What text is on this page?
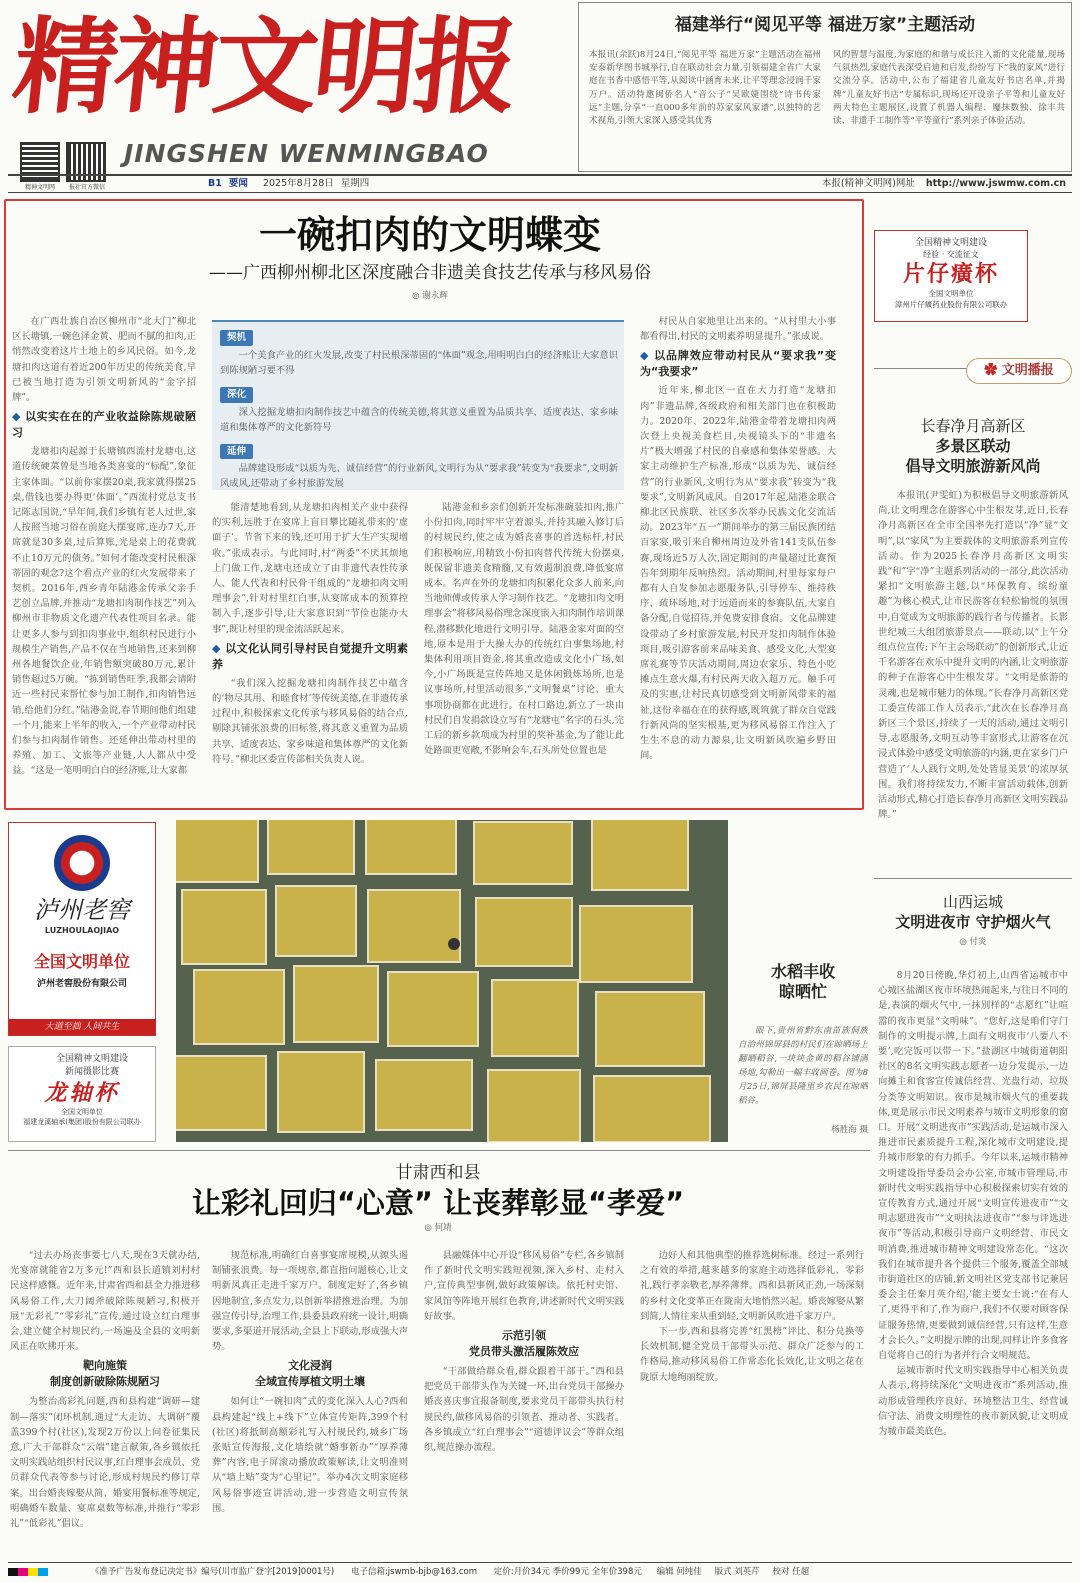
精神文明报
精神文明网	报社官方微信
JINGSHEN WENMINGBAO
福建举行“阅见平等 福进万家”主题活动
本报讯(余跃)8月24日,“阅见平等 福进万家”主题活动在福州安泰新华图书城举行,自在联动社会力量,引领福建全省广大家庭在书香中感悟平等,从阅读中涵育未来,让平等理念浸润千家万户。活动特邀闽侨名人“音公子”吴欧婕围绕“诗书传家远”主题,分享“一直000多年前的苏家家风家谱”,以独特的艺术视角,引领大家深入感受其优秀
风的智慧与温度,为家庭的和谐与成长注入新的文化能量,现场气氛热烈,家庭代表深受启迪和启发,纷纷写下“我的家风”进行交流分享。活动中,公布了福建省儿童友好书店名单,并揭牌“儿童友好书店”专属标识,现场还开设亲子平等和儿童友好两大特色主题展区,设置了机器人编程、魔抹数独、徐丰共读、非遗手工制作等“平等童行”系列亲子体验活动。
B1 要闻 2025年8月28日 星期四	本报(精神文明网)网址 http://www.jswmw.com.cn
一碗扣肉的文明蝶变
——广西柳州柳北区深度融合非遗美食技艺传承与移风易俗
◎ 谢永辉

在广西壮族自治区柳州市“北大门”柳北区长塘镇,一碗色泽金黄、肥而不腻的扣肉,正悄然改变着这片土地上的乡风民俗。如今,龙塘扣肉这道有着近200年历史的传统美食,早已被当地打造为引领文明新风的“金字招牌”。

◆ 以实实在在的产业收益除陈规破陋习

龙塘扣肉起源于长塘镇西流村龙塘屯,这道传统硬菜曾是当地各类喜宴的“标配”,象征主家体面。“以前你家摆20桌,我家就得摆25桌,借钱也要办得更‘体面’。”西流村党总支书记陈志国说,“早年间,我们乡镇有老人过世,家人按照当地习俗在前庭大摆宴席,连办7天,开席就是30多桌,过后算账,光是桌上的花费就不止10万元的债务。”如何才能改变村民根深蒂固的观念?这个看点产业的红火发展带来了契机。2016年,西乡青年陆港金传承父亲手艺创立品牌,并推动“龙塘扣肉制作技艺”列入柳州市非物质文化遗产代表性项目名录。能让更多人参与到扣肉事业中,组织村民进行小规模生产销售,产品不仅在当地销售,还来到柳州各地餐饮企业,年销售额突破80万元,累计销售超过5万碗。“拣到销售旺季,我都会请附近一些村民来帮忙参与加工制作,扣肉销售远销,给他们分红。”陆港金说,春节期间他们组建一个月,能来上半年的收入,一个产业带动村民们参与扣肉制作销售。还延伸出带动村里的养殖、加工、文旅等产业链,人人都从中受益。“这是一笔明明白白的经济账,让大家都

契机
一个美食产业的红火发展,改变了村民根深蒂固的“体面”观念,用明明白白的经济账让大家意识到陈规陋习要不得
深化
深入挖掘龙塘扣肉制作技艺中蕴含的传统美德,将其意义重置为品质共享、适度表达、家乡味道和集体尊严的文化新符号
延伸
品牌建设形成“以质为先、诚信经营”的行业新风,文明行为从“要求我”转变为“我要求”,文明新风成风,还带动了乡村旅游发展

能清楚地看到,从龙塘扣肉相关产业中获得的实利,远胜于在宴席上盲目攀比随礼带来的‘虚面子’。节省下来的钱,还可用于扩大生产实现增收。”张成表示。与此同时,村“两委”不厌其烦地上门做工作,龙塘屯还成立了由非遗代表性传承人、能人代表和村民骨干组成的“龙塘扣肉文明理事会”,针对村里红白事,从宴席成本的预算控制入手,逐步引导,让大家意识到“节俭也能办大事”,既让村里的现金流活跃起来。

◆ 以文化认同引导村民自觉提升文明素养

“我们深入挖掘龙塘扣肉制作技艺中蕴含的‘物尽其用、和睦食材’等传统美德,在非遗传承过程中,积极探索文化传承与移风易俗的结合点,剔除其铺张浪费的旧标签,将其意义重置为品质共享、适度表达、家乡味道和集体尊严的文化新符号。”柳北区委宣传部相关负责人说。

陆港金和乡亲们创新开发标准碗装扣肉,推广小份扣肉,同时牢牢守着源头,并持其融入修订后的村规民约,使之成为婚丧喜事的首选标杆,村民们积极响应,用精致小份扣肉替代传统大份摆桌,既保留非遗美食精髓,又有效遏制浪费,降低宴席成本。名声在外的龙塘扣肉积累化众多人前来,向当地师傅或传承人学习制作技艺。“龙塘扣肉文明理事会”将移风易俗理念深度嵌入扣肉制作培训课程,潜移默化地进行文明引导。陆港金家对面的空地,原本是用于大操大办的传统红白事集场地,村集体利用项目资金,将其重改造成文化小广场,如今,小广场既是宣传阵地又是休闲锻炼场所,也是议事场所,村里活动很多,“文明餐桌”讨论、重大事项协商都在此进行。在村口路边,新立了一块由村民们自发捐款设立写有“龙塘屯”名字的石头,完工后的新乡款项成为村里的奖补基金,为了能让此处路面更宽敞,不影响会车,石头所处位置也是

村民从自家地里让出来的。“从村里大小事都看得出,村民的文明素养明显提升。”张成说。

◆ 以品牌效应带动村民从“要求我”变为“我要求”

近年来,柳北区一直在大力打造“龙塘扣肉”非遗品牌,各级政府和相关部门也在积极助力。2020年、2022年,陆港金带着龙塘扣肉两次登上央视美食栏目,央视镜头下的“非遗名片”极大增强了村民的自豪感和集体荣誉感。大家主动维护生产标准,形成“以质为先、诚信经营”的行业新风,文明行为从“要求我”转变为“我要求”,文明新风成风。自2017年起,陆港金联合柳北区民族联、社区多次举办民族文化交流活动。2023年“五一”期间举办的第三届民族团结百家宴,吸引来自柳州周边及外省141支队伍参赛,现场近5万人次,固定期间的声量超过比赛预告年到期年反响热烈。活动期间,村里每家每户都有人自发参加志愿服务队,引导停车、维持秩序、疏环场地,对于远道而来的参赛队伍,大家自备分配,自觉招待,并免费安排食宿。文化品牌建设带动了乡村旅游发展,村民开发扣肉制作体验项目,吸引游客前来品味美食、感受文化,大型宴席礼赛等节庆活动期间,周边农家乐、特色小吃摊点生意火爆,有村民两天收入超万元。触手可及的实惠,让村民真切感受到文明新风带来的福祉,这份幸福在在的获得感,既筑就了群众自觉践行新风尚的坚实根基,更为移风易俗工作注入了生生不息的动力源泉,让文明新风吹遍乡野田间。

全国精神文明建设
经验 · 交流征文
片仔癀杯
全国文明单位
漳州片仔癀药业股份有限公司联办
✿ 文明播报
长春净月高新区
多景区联动
倡导文明旅游新风尚

本报讯(尹雯虹)为积极倡导文明旅游新风尚,让文明理念在游客心中生根发芽,近日,长春净月高新区在全市全国率先打造以“净”显“文明”,以“家风”为主要载体的文明旅游系列宣传活动。作为2025长春净月高新区文明实践“和”字“净”主题系列活动的一部分,此次活动紧扣“文明旅游主题,以“环保教育、缤纷童趣”为核心模式,让市民游客在轻松愉悦的氛围中,自觉成为文明旅游的践行者与传播者。长影世纪城三大组团旅游景点——联动,以“上午分组点位宣传;下午主会场联动”的创新形式,让近千名游客在欢乐中提升文明的内涵,让文明旅游的种子在游客心中生根发芽。“文明是旅游的灵魂,也是城市魅力的体现。”长春净月高新区党工委宣传部工作人员表示,“此次在长春净月高新区三个景区,持续了一天的活动,通过文明引导,志愿服务,文明互动等丰富形式,让游客在沉浸式体验中感受文明旅游的内涵,更在家乡门户营造了‘人人践行文明,处处皆显美景’的浓厚氛围。我们将持续发力,不断丰富活动载体,创新活动形式,精心打造长春净月高新区文明实践品牌。”

山西运城
文明进夜市 守护烟火气
◎ 付炎

8月20日傍晚,华灯初上,山西省运城市中心城区盐湖区夜市环境热闹起来,与往日不同的是,表演的烟火气中,一抹别样的“志愿红”让喧嚣的夜市更显“文明味”。“您好,这是咱们守门制作的文明提示牌,上面有文明夜市‘八要八不要’,吃完饭可以带一下。”盐湖区中城街道朝阳社区的8名文明实践志愿者一边分发提示,一边向摊主和食客宣传诚信经营、光盘行动、垃圾分类等文明知识。夜市是城市烟火气的重要载体,更是展示市民文明素养与城市文明形象的窗口。开展“文明进夜市”实践活动,是运城市深入推进市民素质提升工程,深化城市文明建设,提升城市形象的有力抓手。今年以来,运城市精神文明建设指导委员会办公室,市城市管理局,市新时代文明实践指导中心积极探索切实有效的宣传教育方式,通过开展“文明宣传进夜市”“文明志愿进夜市”“文明执法进夜市”“参与评选进夜市”等活动,积极引导商户文明经营、市民文明消费,推进城市精神文明建设常态化。“这次我们在城市提升各个提供三个服务,覆盖全部城市街道社区的店铺,新文明社区党支部书记兼居委会主任秦月英介绍,‘能主要女士说:“在有人了,更得平和了,作为商户,我们不仅要对顾客保证服务热情,更要做到诚信经营,只有这样,生意才会长久。”文明提示牌的出现,同样让许多食客自觉将自己的行为者并行合文明规范。

运城市新时代文明实践指导中心相关负责人表示,将持续深化“文明进夜市”系列活动,推动形成管理秩序良好、环境整洁卫生、经营诚信守法、消费文明理性的夜市新风貌,让文明成为城市最美底色。

泸州老窖
LUZHOULAOJIAO
全国文明单位
泸州老窖股份有限公司
大道至拙 人间共生
全国精神文明建设
新闻摄影比赛
龙轴杯
全国文明单位
福建龙溪轴承(集团)股份有限公司联办
水稻丰收
晾晒忙
眼下,贵州省黔东南苗族侗族自治州锦屏县的村民们在晾晒场上翻晒稻谷,一块块金黄的稻谷铺满场地,勾勒出一幅丰收画卷。图为8月25日,锦屏县隆里乡农民在晾晒稻谷。
杨胜海 摄
甘肃西和县
让彩礼回归“心意” 让丧葬彰显“孝爱”
◎ 何靖

“过去办场丧事要七八天,现在3天就办结,光宴席就能省2万多元!”西和县长道镇刘村村民这样感慨。近年来,甘肃省西和县全力推进移风易俗工作,大刀阔斧破除陈规陋习,积极开展“无彩礼”“零彩礼”宣传,通过设立红白理事会,建立健全村规民约,一场遍及全县的文明新风正在吹拂开来。

靶向施策
制度创新破除陈规陋习

为整治高彩礼问题,西和县构建“调研—建制—落实”闭环机制,通过“大走访、大调研”覆盖399个村(社区),发现2万份以上问卷征集民意,广大干部群众“云端”建言献策,各乡镇依托文明实践站组织村民议事,红白理事会成员、党员群众代表等参与讨论,形成村规民约修订草案。出台婚丧嫁娶从简、婚宴用餐标准等规定,明确婚车数量、宴席桌数等标准,并推行“零彩礼”“低彩礼”倡议。

规范标准,明确红白喜事宴席规模,从源头遏制铺张浪费。每一项规章,都直指问题核心,让文明新风真正走进千家万户。制度定好了,各乡镇因地制宜,多点发力,以创新举措推进治理。为加强宣传引导,治理工作,县委县政府统一设计,明确要求,多渠道开展活动,全县上下联动,形成强大声势。

文化浸润
全域宣传厚植文明土壤

如何让“一碗扣肉”式的变化深入人心?西和县构建起“线上+线下”立体宣传矩阵,399个村(社区)将抵制高额彩礼写入村规民约,城乡广场张贴宣传海报,文化墙绘就“婚事新办”“厚养薄葬”内容,电子屏滚动播放政策解读,让文明准则从“墙上贴”变为“心里记”。举办4次文明家庭移风易俗事迹宣讲活动,进一步营造文明宣传氛围。

县融媒体中心开设“移风易俗”专栏,各乡镇制作了新时代文明实践短视频,深入乡村、走村入户,宣传典型事例,做好政策解读。依托村史馆、家风馆等阵地开展红色教育,讲述新时代文明实践好故事。

示范引领
党员带头激活履陈效应

“干部做给群众看,群众跟着干部干。”西和县把党员干部带头作为关键一环,出台党员干部操办婚丧喜庆事宜报备制度,要求党员干部带头执行村规民约,做移风易俗的引领者、推动者、实践者。各乡镇成立“红白理事会”“道德评议会”等群众组织,规范操办流程。

边好人和其他典型的推荐选树标准。经过一系列行之有效的举措,越来越多的家庭主动选择低彩礼、零彩礼,践行孝亲敬老,厚养薄葬。西和县新风正劲,一场深刻的乡村文化变革正在陇南大地悄然兴起。婚丧嫁娶从繁到简,人情往来从重到轻,文明新风吹进千家万户。

下一步,西和县将完善“红黑榜”评比、积分兑换等长效机制,健全党员干部带头示范、群众广泛参与的工作格局,推动移风易俗工作常态化长效化,让文明之花在陇原大地绚丽绽放。

《准予广告发布登记决定书》编号(川市监广登字[2019]0001号) 电子信箱:jswmb-bjb@163.com 定价:月价34元 季价99元 全年价398元 编辑 何纯佳 版式 刘英芹 校对 任超
